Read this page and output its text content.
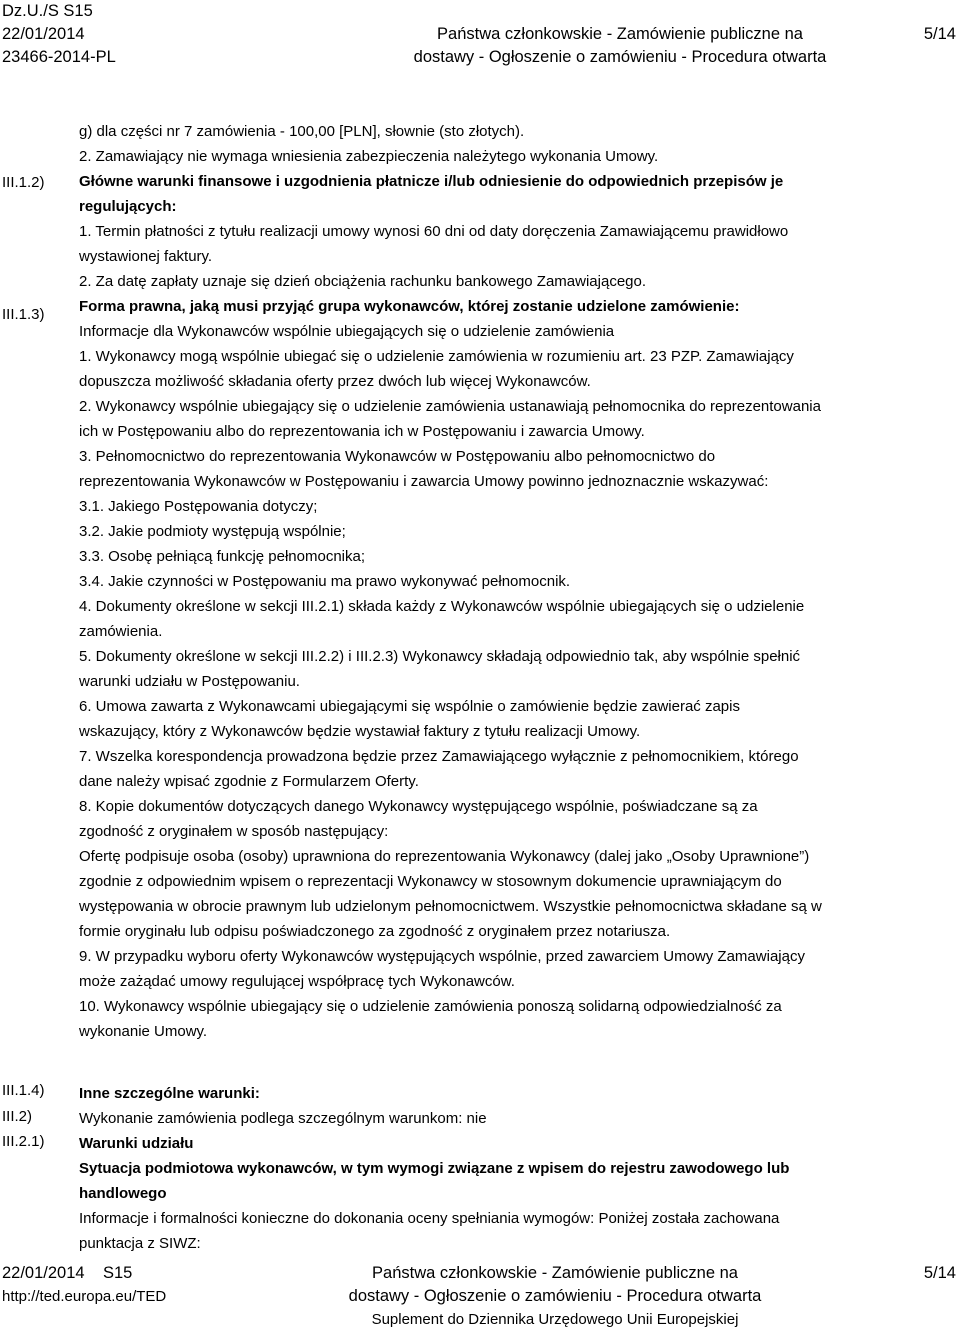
Dz.U./S S15
22/01/2014
23466-2014-PL
Państwa członkowskie - Zamówienie publiczne na
dostawy - Ogłoszenie o zamówieniu - Procedura otwarta
5/14
III.1.2)
III.1.3)
III.1.4)
III.2)
III.2.1)
g) dla części nr 7 zamówienia - 100,00 [PLN], słownie (sto złotych).
2. Zamawiający nie wymaga wniesienia zabezpieczenia należytego wykonania Umowy.
Główne warunki finansowe i uzgodnienia płatnicze i/lub odniesienie do odpowiednich przepisów je
regulujących:
1. Termin płatności z tytułu realizacji umowy wynosi 60 dni od daty doręczenia Zamawiającemu prawidłowo
wystawionej faktury.
2. Za datę zapłaty uznaje się dzień obciążenia rachunku bankowego Zamawiającego.
Forma prawna, jaką musi przyjąć grupa wykonawców, której zostanie udzielone zamówienie:
Informacje dla Wykonawców wspólnie ubiegających się o udzielenie zamówienia
1. Wykonawcy mogą wspólnie ubiegać się o udzielenie zamówienia w rozumieniu art. 23 PZP. Zamawiający
dopuszcza możliwość składania oferty przez dwóch lub więcej Wykonawców.
2. Wykonawcy wspólnie ubiegający się o udzielenie zamówienia ustanawiają pełnomocnika do reprezentowania
ich w Postępowaniu albo do reprezentowania ich w Postępowaniu i zawarcia Umowy.
3. Pełnomocnictwo do reprezentowania Wykonawców w Postępowaniu albo pełnomocnictwo do
reprezentowania Wykonawców w Postępowaniu i zawarcia Umowy powinno jednoznacznie wskazywać:
3.1. Jakiego Postępowania dotyczy;
3.2. Jakie podmioty występują wspólnie;
3.3. Osobę pełniącą funkcję pełnomocnika;
3.4. Jakie czynności w Postępowaniu ma prawo wykonywać pełnomocnik.
4. Dokumenty określone w sekcji III.2.1) składa każdy z Wykonawców wspólnie ubiegających się o udzielenie
zamówienia.
5. Dokumenty określone w sekcji III.2.2) i III.2.3) Wykonawcy składają odpowiednio tak, aby wspólnie spełnić
warunki udziału w Postępowaniu.
6. Umowa zawarta z Wykonawcami ubiegającymi się wspólnie o zamówienie będzie zawierać zapis
wskazujący, który z Wykonawców będzie wystawiał faktury z tytułu realizacji Umowy.
7. Wszelka korespondencja prowadzona będzie przez Zamawiającego wyłącznie z pełnomocnikiem, którego
dane należy wpisać zgodnie z Formularzem Oferty.
8. Kopie dokumentów dotyczących danego Wykonawcy występującego wspólnie, poświadczane są za
zgodność z oryginałem w sposób następujący:
Ofertę podpisuje osoba (osoby) uprawniona do reprezentowania Wykonawcy (dalej jako „Osoby Uprawnione”)
zgodnie z odpowiednim wpisem o reprezentacji Wykonawcy w stosownym dokumencie uprawniającym do
występowania w obrocie prawnym lub udzielonym pełnomocnictwem. Wszystkie pełnomocnictwa składane są w
formie oryginału lub odpisu poświadczonego za zgodność z oryginałem przez notariusza.
9. W przypadku wyboru oferty Wykonawców występujących wspólnie, przed zawarciem Umowy Zamawiający
może zażądać umowy regulującej współpracę tych Wykonawców.
10. Wykonawcy wspólnie ubiegający się o udzielenie zamówienia ponoszą solidarną odpowiedzialność za
wykonanie Umowy.
Inne szczególne warunki:
Wykonanie zamówienia podlega szczególnym warunkom: nie
Warunki udziału
Sytuacja podmiotowa wykonawców, w tym wymogi związane z wpisem do rejestru zawodowego lub
handlowego
Informacje i formalności konieczne do dokonania oceny spełniania wymogów: Poniżej została zachowana
punktacja z SIWZ:
22/01/2014 S15
http://ted.europa.eu/TED
Państwa członkowskie - Zamówienie publiczne na
dostawy - Ogłoszenie o zamówieniu - Procedura otwarta
Suplement do Dziennika Urzędowego Unii Europejskiej
5/14
